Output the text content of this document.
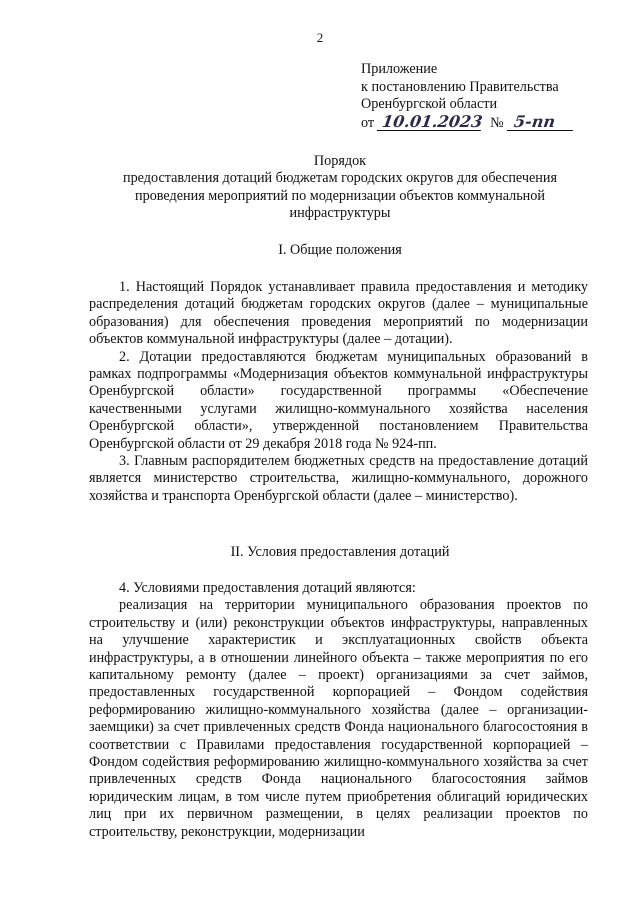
2
Приложение
к постановлению Правительства
Оренбургской области
от 10.01.2023 № 5-пп
Порядок
предоставления дотаций бюджетам городских округов для обеспечения
проведения мероприятий по модернизации объектов коммунальной
инфраструктуры
I. Общие положения

1. Настоящий Порядок устанавливает правила предоставления и методику распределения дотаций бюджетам городских округов (далее – муниципальные образования) для обеспечения проведения мероприятий по модернизации объектов коммунальной инфраструктуры (далее – дотации).

2. Дотации предоставляются бюджетам муниципальных образований в рамках подпрограммы «Модернизация объектов коммунальной инфраструктуры Оренбургской области» государственной программы «Обеспечение качественными услугами жилищно-коммунального хозяйства населения Оренбургской области», утвержденной постановлением Правительства Оренбургской области от 29 декабря 2018 года № 924-пп.

3. Главным распорядителем бюджетных средств на предоставление дотаций является министерство строительства, жилищно-коммунального, дорожного хозяйства и транспорта Оренбургской области (далее – министерство).

II. Условия предоставления дотаций

4. Условиями предоставления дотаций являются:

реализация на территории муниципального образования проектов по строительству и (или) реконструкции объектов инфраструктуры, направленных на улучшение характеристик и эксплуатационных свойств объекта инфраструктуры, а в отношении линейного объекта – также мероприятия по его капитальному ремонту (далее – проект) организациями за счет займов, предоставленных государственной корпорацией – Фондом содействия реформированию жилищно-коммунального хозяйства (далее – организации-заемщики) за счет привлеченных средств Фонда национального благосостояния в соответствии с Правилами предоставления государственной корпорацией – Фондом содействия реформированию жилищно-коммунального хозяйства за счет привлеченных средств Фонда национального благосостояния займов юридическим лицам, в том числе путем приобретения облигаций юридических лиц при их первичном размещении, в целях реализации проектов по строительству, реконструкции, модернизации
